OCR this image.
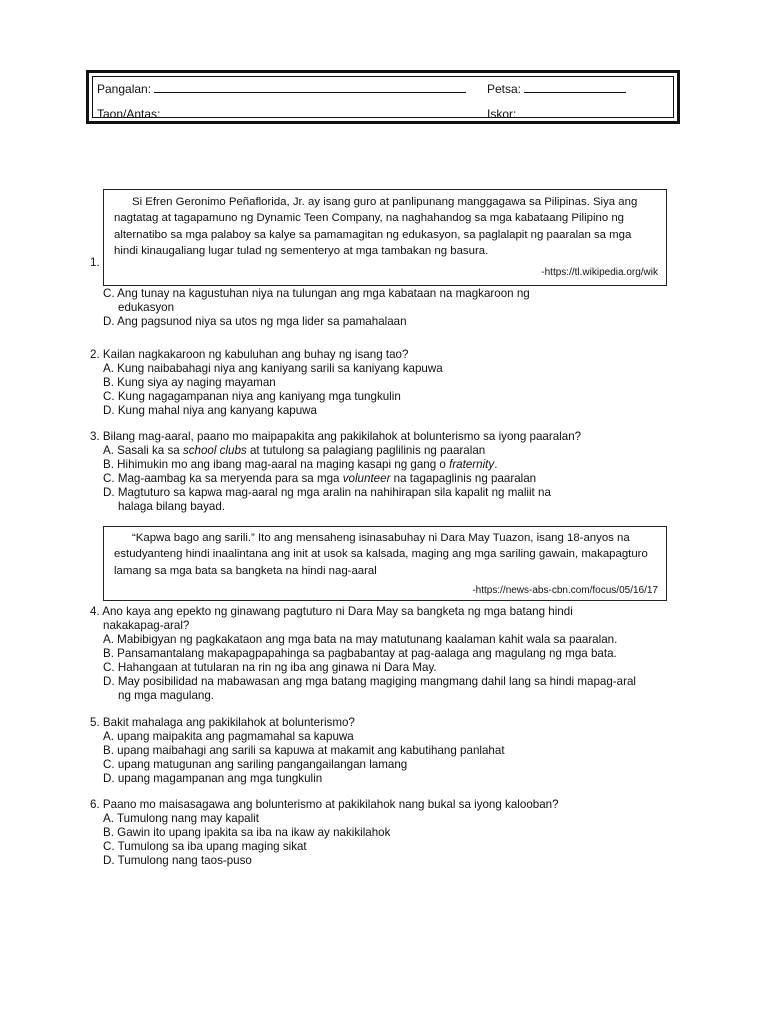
Pangalan:	Petsa:
Taon/Antas:	Iskor:
1.
C. Ang tunay na kagustuhan niya na tulungan ang mga kabataan na magkaroon ng
edukasyon
D. Ang pagsunod niya sa utos ng mga lider sa pamahalaan

Si Efren Geronimo Peñaflorida, Jr. ay isang guro at panlipunang manggagawa sa Pilipinas. Siya ang nagtatag at tagapamuno ng Dynamic Teen Company, na naghahandog sa mga kabataang Pilipino ng alternatibo sa mga palaboy sa kalye sa pamamagitan ng edukasyon, sa paglalapit ng paaralan sa mga hindi kinaugaliang lugar tulad ng sementeryo at mga tambakan ng basura.

-https://tl.wikipedia.org/wik
2. Kailan nagkakaroon ng kabuluhan ang buhay ng isang tao?
A. Kung naibabahagi niya ang kaniyang sarili sa kaniyang kapuwa
B. Kung siya ay naging mayaman
C. Kung nagagampanan niya ang kaniyang mga tungkulin
D. Kung mahal niya ang kanyang kapuwa
3. Bilang mag-aaral, paano mo maipapakita ang pakikilahok at bolunterismo sa iyong paaralan?
A. Sasali ka sa school clubs at tutulong sa palagiang paglilinis ng paaralan
B. Hihimukin mo ang ibang mag-aaral na maging kasapi ng gang o fraternity.
C. Mag-aambag ka sa meryenda para sa mga volunteer na tagapaglinis ng paaralan
D. Magtuturo sa kapwa mag-aaral ng mga aralin na nahihirapan sila kapalit ng maliit na
halaga bilang bayad.

“Kapwa bago ang sarili.” Ito ang mensaheng isinasabuhay ni Dara May Tuazon, isang 18-anyos na estudyanteng hindi inaalintana ang init at usok sa kalsada, maging ang mga sariling gawain, makapagturo lamang sa mga bata sa bangketa na hindi nag-aaral

-https://news-abs-cbn.com/focus/05/16/17
4. Ano kaya ang epekto ng ginawang pagtuturo ni Dara May sa bangketa ng mga batang hindi
nakakapag-aral?
A. Mabibigyan ng pagkakataon ang mga bata na may matutunang kaalaman kahit wala sa paaralan.
B. Pansamantalang makapagpapahinga sa pagbabantay at pag-aalaga ang magulang ng mga bata.
C. Hahangaan at tutularan na rin ng iba ang ginawa ni Dara May.
D. May posibilidad na mabawasan ang mga batang magiging mangmang dahil lang sa hindi mapag-aral
ng mga magulang.
5. Bakit mahalaga ang pakikilahok at bolunterismo?
A. upang maipakita ang pagmamahal sa kapuwa
B. upang maibahagi ang sarili sa kapuwa at makamit ang kabutihang panlahat
C. upang matugunan ang sariling pangangailangan lamang
D. upang magampanan ang mga tungkulin
6. Paano mo maisasagawa ang bolunterismo at pakikilahok nang bukal sa iyong kalooban?
A. Tumulong nang may kapalit
B. Gawin ito upang ipakita sa iba na ikaw ay nakikilahok
C. Tumulong sa iba upang maging sikat
D. Tumulong nang taos-puso
